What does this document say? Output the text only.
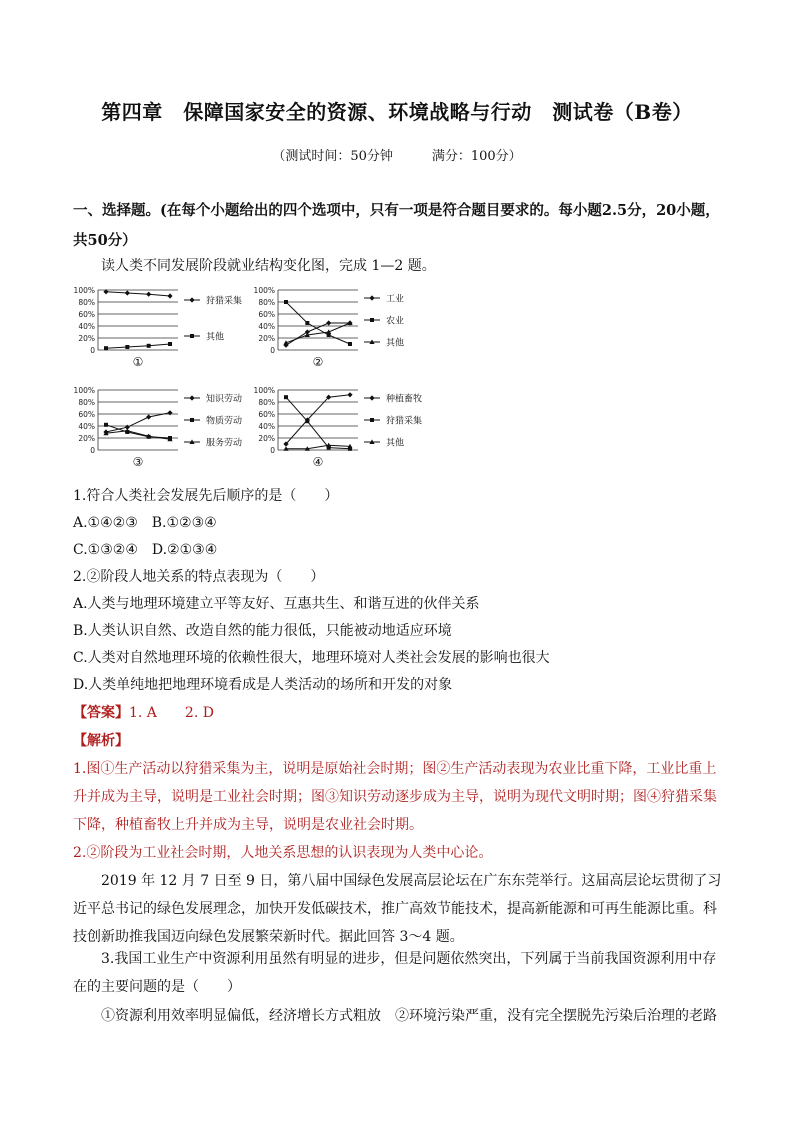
第四章　保障国家安全的资源、环境战略与行动　测试卷（B卷）
（测试时间：50分钟　　　满分：100分）
一、选择题。(在每个小题给出的四个选项中，只有一项是符合题目要求的。每小题2.5分，20小题，共50分）
读人类不同发展阶段就业结构变化图，完成 1—2 题。
100%
80%
60%
40%
20%
0
狩猎采集
其他
①
100%
80%
60%
40%
20%
0
工业
农业
其他
②
100%
80%
60%
40%
20%
0
知识劳动
物质劳动
服务劳动
③
100%
80%
60%
40%
20%
0
种植畜牧
狩猎采集
其他
④
1.符合人类社会发展先后顺序的是（　　）
A.①④②③　B.①②③④
C.①③②④　D.②①③④
2.②阶段人地关系的特点表现为（　　）
A.人类与地理环境建立平等友好、互惠共生、和谐互进的伙伴关系
B.人类认识自然、改造自然的能力很低，只能被动地适应环境
C.人类对自然地理环境的依赖性很大，地理环境对人类社会发展的影响也很大
D.人类单纯地把地理环境看成是人类活动的场所和开发的对象
【答案】1. A　　2. D
【解析】
1.图①生产活动以狩猎采集为主，说明是原始社会时期；图②生产活动表现为农业比重下降，工业比重上升并成为主导，说明是工业社会时期；图③知识劳动逐步成为主导，说明为现代文明时期；图④狩猎采集下降，种植畜牧上升并成为主导，说明是农业社会时期。
2.②阶段为工业社会时期，人地关系思想的认识表现为人类中心论。
2019 年 12 月 7 日至 9 日，第八届中国绿色发展高层论坛在广东东莞举行。这届高层论坛贯彻了习近平总书记的绿色发展理念，加快开发低碳技术，推广高效节能技术，提高新能源和可再生能源比重。科技创新助推我国迈向绿色发展繁荣新时代。据此回答 3～4 题。
3.我国工业生产中资源利用虽然有明显的进步，但是问题依然突出，下列属于当前我国资源利用中存在的主要问题的是（　　）
①资源利用效率明显偏低，经济增长方式粗放　②环境污染严重，没有完全摆脱先污染后治理的老路
